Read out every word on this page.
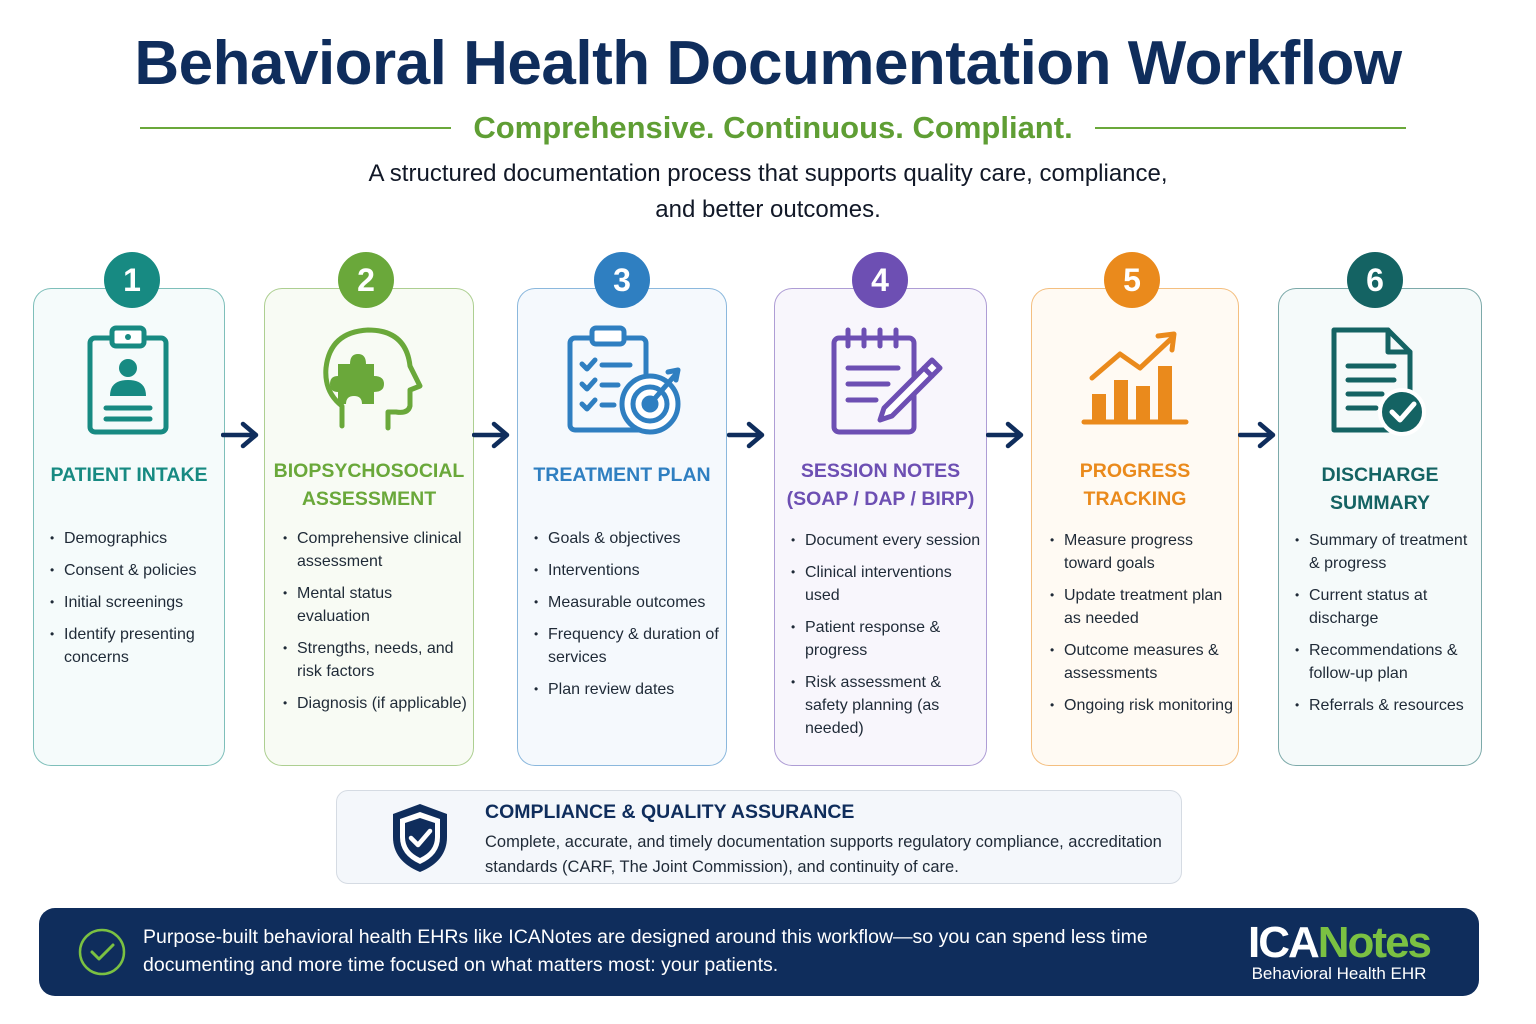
Behavioral Health Documentation Workflow
Comprehensive. Continuous. Compliant.
A structured documentation process that supports quality care, compliance, and better outcomes.
PATIENT INTAKE
• Demographics
• Consent & policies
• Initial screenings
• Identify presenting concerns
1
BIOPSYCHOSOCIAL
ASSESSMENT
• Comprehensive clinical assessment
• Mental status evaluation
• Strengths, needs, and risk factors
• Diagnosis (if applicable)
2
TREATMENT PLAN
• Goals & objectives
• Interventions
• Measurable outcomes
• Frequency & duration of services
• Plan review dates
3
SESSION NOTES
(SOAP / DAP / BIRP)
• Document every session
• Clinical interventions used
• Patient response & progress
• Risk assessment & safety planning (as needed)
4
PROGRESS
TRACKING
• Measure progress toward goals
• Update treatment plan as needed
• Outcome measures & assessments
• Ongoing risk monitoring
5
DISCHARGE
SUMMARY
• Summary of treatment & progress
• Current status at discharge
• Recommendations & follow-up plan
• Referrals & resources
6
COMPLIANCE & QUALITY ASSURANCE
Complete, accurate, and timely documentation supports regulatory compliance, accreditation standards (CARF, The Joint Commission), and continuity of care.
Purpose-built behavioral health EHRs like ICANotes are designed around this workflow—so you can spend less time documenting and more time focused on what matters most: your patients.	ICANotes
Behavioral Health EHR
